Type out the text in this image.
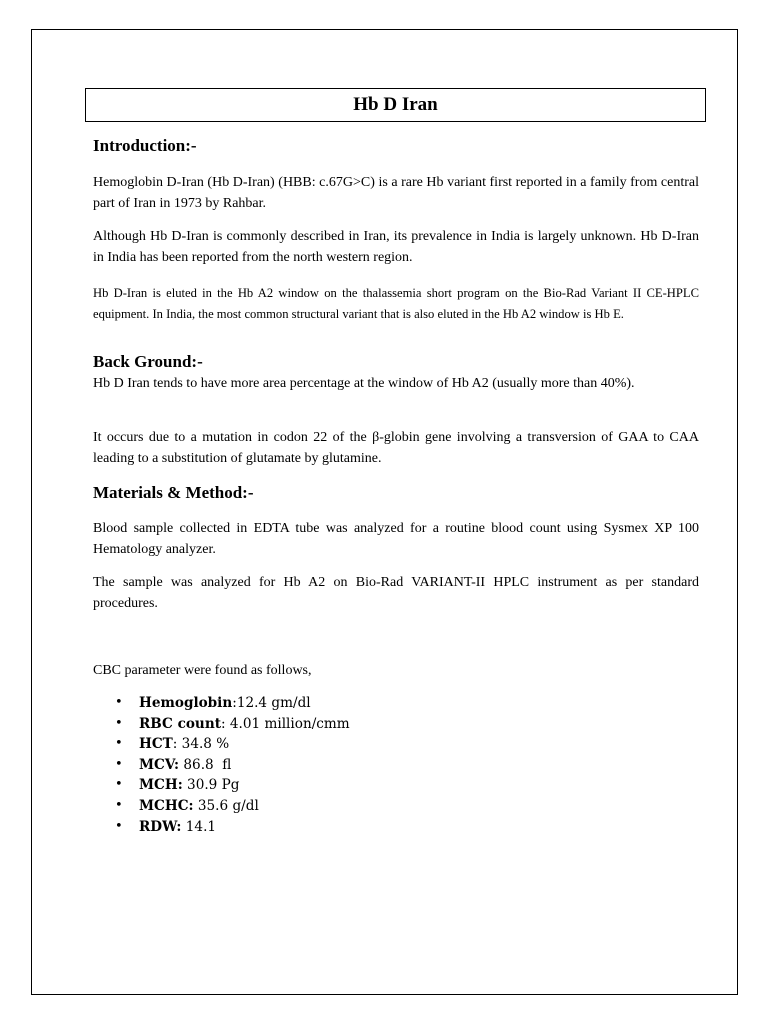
Hb D Iran
Introduction:-

Hemoglobin D-Iran (Hb D-Iran) (HBB: c.67G>C) is a rare Hb variant first reported in a family from central part of Iran in 1973 by Rahbar.

Although Hb D-Iran is commonly described in Iran, its prevalence in India is largely unknown. Hb D-Iran in India has been reported from the north western region.

Hb D-Iran is eluted in the Hb A2 window on the thalassemia short program on the Bio-Rad Variant II CE-HPLC equipment. In India, the most common structural variant that is also eluted in the Hb A2 window is Hb E.

Back Ground:-

Hb D Iran tends to have more area percentage at the window of Hb A2 (usually more than 40%).

It occurs due to a mutation in codon 22 of the β-globin gene involving a transversion of GAA to CAA leading to a substitution of glutamate by glutamine.

Materials & Method:-

Blood sample collected in EDTA tube was analyzed for a routine blood count using Sysmex XP 100 Hematology analyzer.

The sample was analyzed for Hb A2 on Bio-Rad VARIANT-II HPLC instrument as per standard procedures.

CBC parameter were found as follows,

• Hemoglobin:12.4 gm/dl
• RBC count: 4.01 million/cmm
• HCT: 34.8 %
• MCV: 86.8  fl
• MCH: 30.9 Pg
• MCHC: 35.6 g/dl
• RDW: 14.1
